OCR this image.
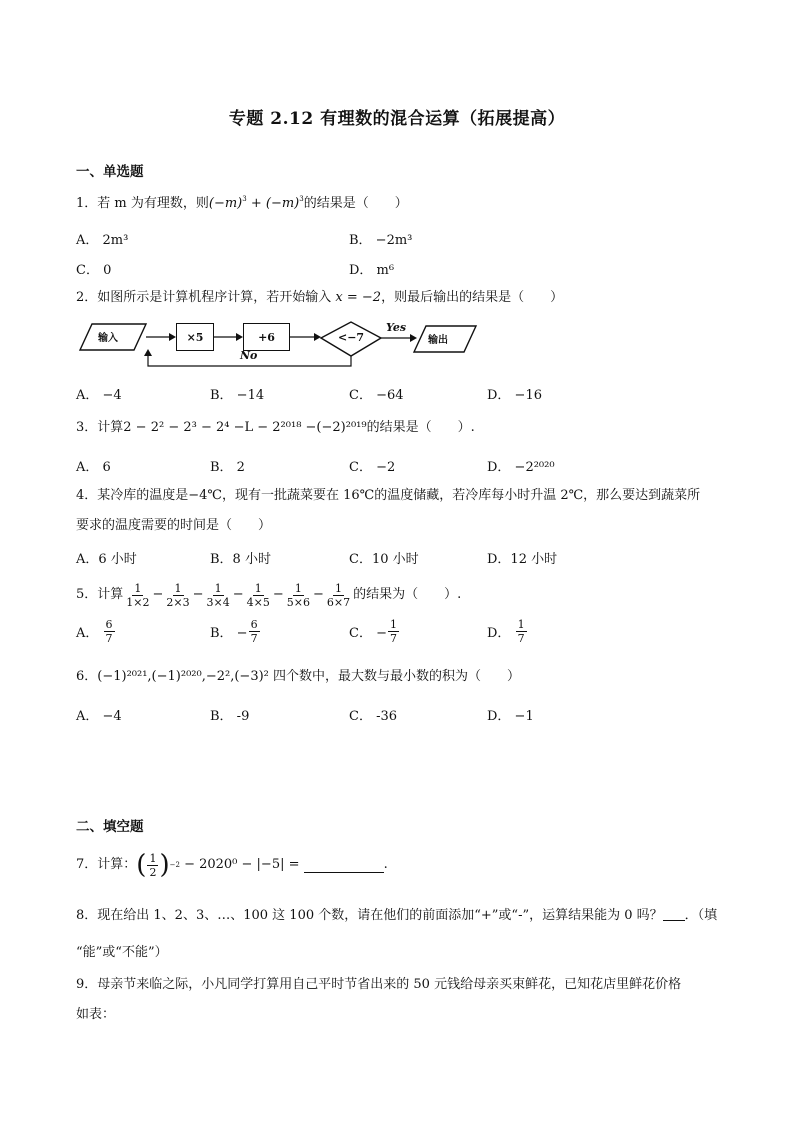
专题 2.12 有理数的混合运算（拓展提高）
一、单选题
1．若 m 为有理数，则$(-m)^3 + (-m)^3$的结果是（　　）
A． 2m³	B． −2m³
C． 0	D． m⁶
2．如图所示是计算机程序计算，若开始输入 x = −2，则最后输出的结果是（　　）
输入	×5	+6	<−7
Yes
No
输出
A． −4	B． −14	C． −64	D． −16
3．计算2 − 2² − 2³ − 2⁴ −L − 2²⁰¹⁸ −(−2)²⁰¹⁹的结果是（　　）.
A． 6	B． 2	C． −2	D． −2²⁰²⁰
4．某冷库的温度是−4℃，现有一批蔬菜要在 16℃的温度储藏，若冷库每小时升温 2℃，那么要达到蔬菜所
要求的温度需要的时间是（　　）
A．6 小时	B．8 小时	C．10 小时	D．12 小时
5．计算 $\frac{1}{1\times 2} - \frac{1}{2\times 3} - \frac{1}{3\times 4} - \frac{1}{4\times 5} - \frac{1}{5\times 6} - \frac{1}{6\times 7}$ 的结果为（　　）.
A． $\frac{6}{7}$	B． − $\frac{6}{7}$	C． − $\frac{1}{7}$	D． $\frac{1}{7}$
6．(−1)²⁰²¹,(−1)²⁰²⁰,−2²,(−3)² 四个数中，最大数与最小数的积为（　　）
A． −4	B． -9	C． -36	D． −1
二、填空题
7．计算： ( $\frac{1}{2}$ ) −2
− 2020⁰ − |−5| =
	.
8．现在给出 1、2、3、…、100 这 100 个数，请在他们的前面添加“+”或“-”，运算结果能为 0 吗？ ．（填
“能”或“不能”）
9．母亲节来临之际，小凡同学打算用自己平时节省出来的 50 元钱给母亲买束鲜花，已知花店里鲜花价格
如表：
